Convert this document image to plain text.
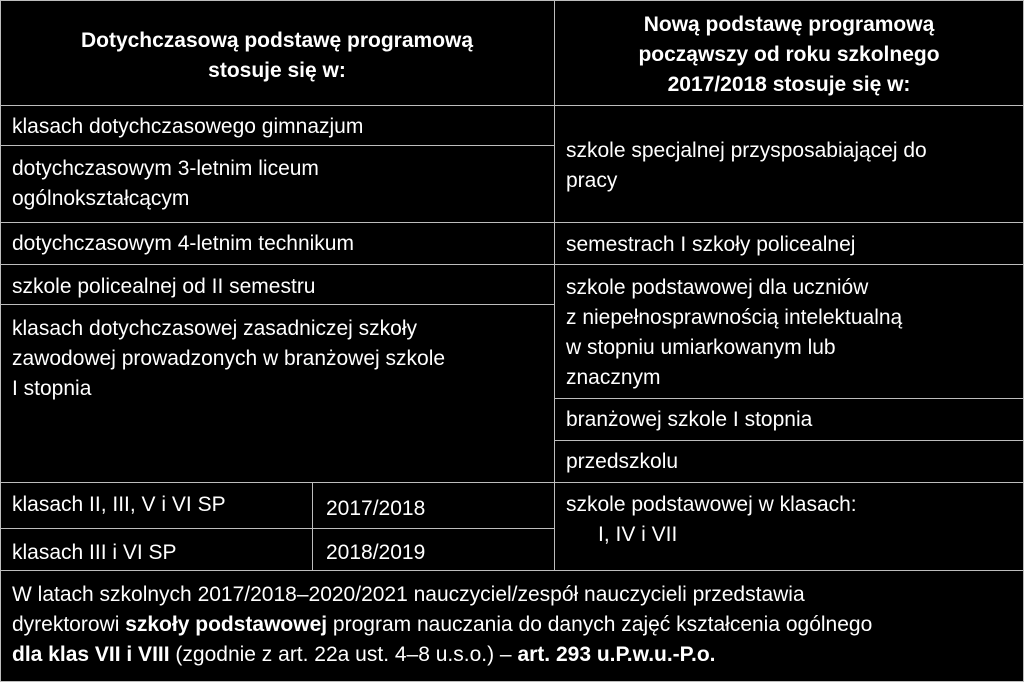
Dotychczasową podstawę programową
stosuje się w:
Nową podstawę programową
począwszy od roku szkolnego
2017/2018 stosuje się w:
klasach dotychczasowego gimnazjum
dotychczasowym 3-letnim liceum
ogólnokształcącym
dotychczasowym 4-letnim technikum
szkole policealnej od II semestru
klasach dotychczasowej zasadniczej szkoły
zawodowej prowadzonych w branżowej szkole
I stopnia
klasach II, III, V i VI SP	2017/2018
klasach III i VI SP	2018/2019
szkole specjalnej przysposabiającej do
pracy
semestrach I szkoły policealnej
szkole podstawowej dla uczniów
z niepełnosprawnością intelektualną
w stopniu umiarkowanym lub
znacznym
branżowej szkole I stopnia
przedszkolu
szkole podstawowej w klasach:
I, IV i VII
W latach szkolnych 2017/2018–2020/2021 nauczyciel/zespół nauczycieli przedstawia
dyrektorowi szkoły podstawowej program nauczania do danych zajęć kształcenia ogólnego
dla klas VII i VIII (zgodnie z art. 22a ust. 4–8 u.s.o.) – art. 293 u.P.w.u.-P.o.
